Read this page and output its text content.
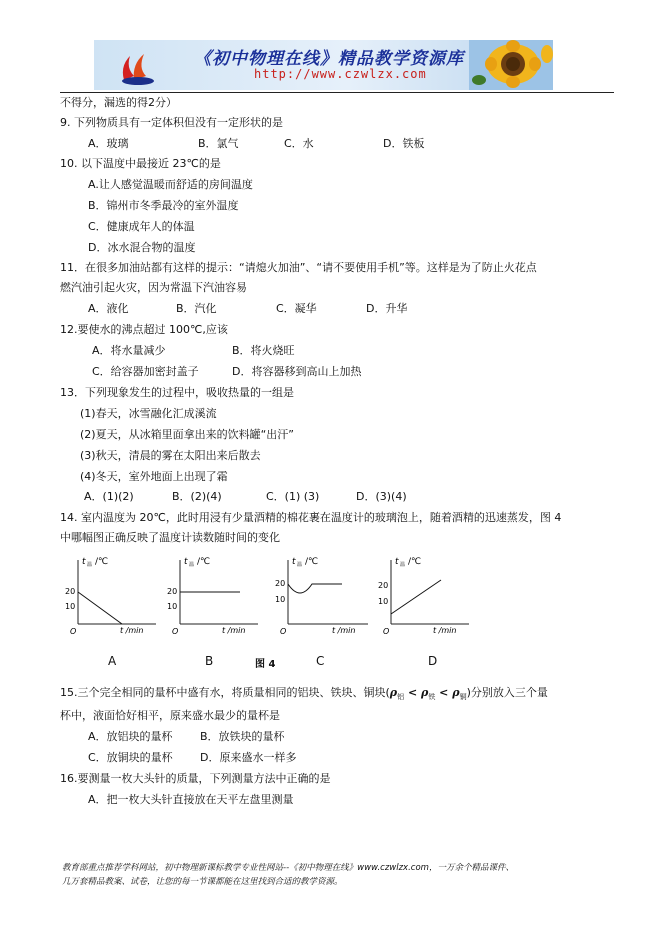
《初中物理在线》精品教学资源库
http://www.czwlzx.com
不得分，漏选的得2分）
9. 下列物质具有一定体积但没有一定形状的是
A．玻璃	B．氯气	C．水	D．铁板
10. 以下温度中最接近 23℃的是
A.让人感觉温暖而舒适的房间温度
B．锦州市冬季最冷的室外温度
C．健康成年人的体温
D．冰水混合物的温度
11．在很多加油站都有这样的提示：“请熄火加油”、“请不要使用手机”等。这样是为了防止火花点
燃汽油引起火灾，因为常温下汽油容易
A．液化	B．汽化	C．凝华	D．升华
12.要使水的沸点超过 100℃,应该
A．将水量减少	B．将火烧旺
C．给容器加密封盖子	D．将容器移到高山上加热
13．下列现象发生的过程中，吸收热量的一组是
(1)春天，冰雪融化汇成溪流
(2)夏天，从冰箱里面拿出来的饮料罐“出汗”
(3)秋天，清晨的雾在太阳出来后散去
(4)冬天，室外地面上出现了霜
A．(1)(2)	B．(2)(4)	C．(1) (3)	D．(3)(4)
14. 室内温度为 20℃，此时用浸有少量酒精的棉花裹在温度计的玻璃泡上，随着酒精的迅速蒸发，图 4
中哪幅图正确反映了温度计读数随时间的变化
t 温 /℃
20
10
O	t /min
t 温 /℃
20
10
O	t /min
t 温 /℃
20
10
O	t /min
t 温 /℃
20
10
O	t /min
A	B	图 4	C	D
15.三个完全相同的量杯中盛有水，将质量相同的铝块、铁块、铜块$(\rho_铝 < \rho_铁 < \rho_铜)$分别放入三个量
杯中，液面恰好相平，原来盛水最少的量杯是
A．放铝块的量杯 B．放铁块的量杯
C．放铜块的量杯 D．原来盛水一样多
16.要测量一枚大头针的质量，下列测量方法中正确的是
A．把一枚大头针直接放在天平左盘里测量
教育部重点推荐学科网站，初中物理新课标教学专业性网站--《初中物理在线》www.czwlzx.com，一万余个精品课件、
几万套精品教案、试卷，让您的每一节课都能在这里找到合适的教学资源。
